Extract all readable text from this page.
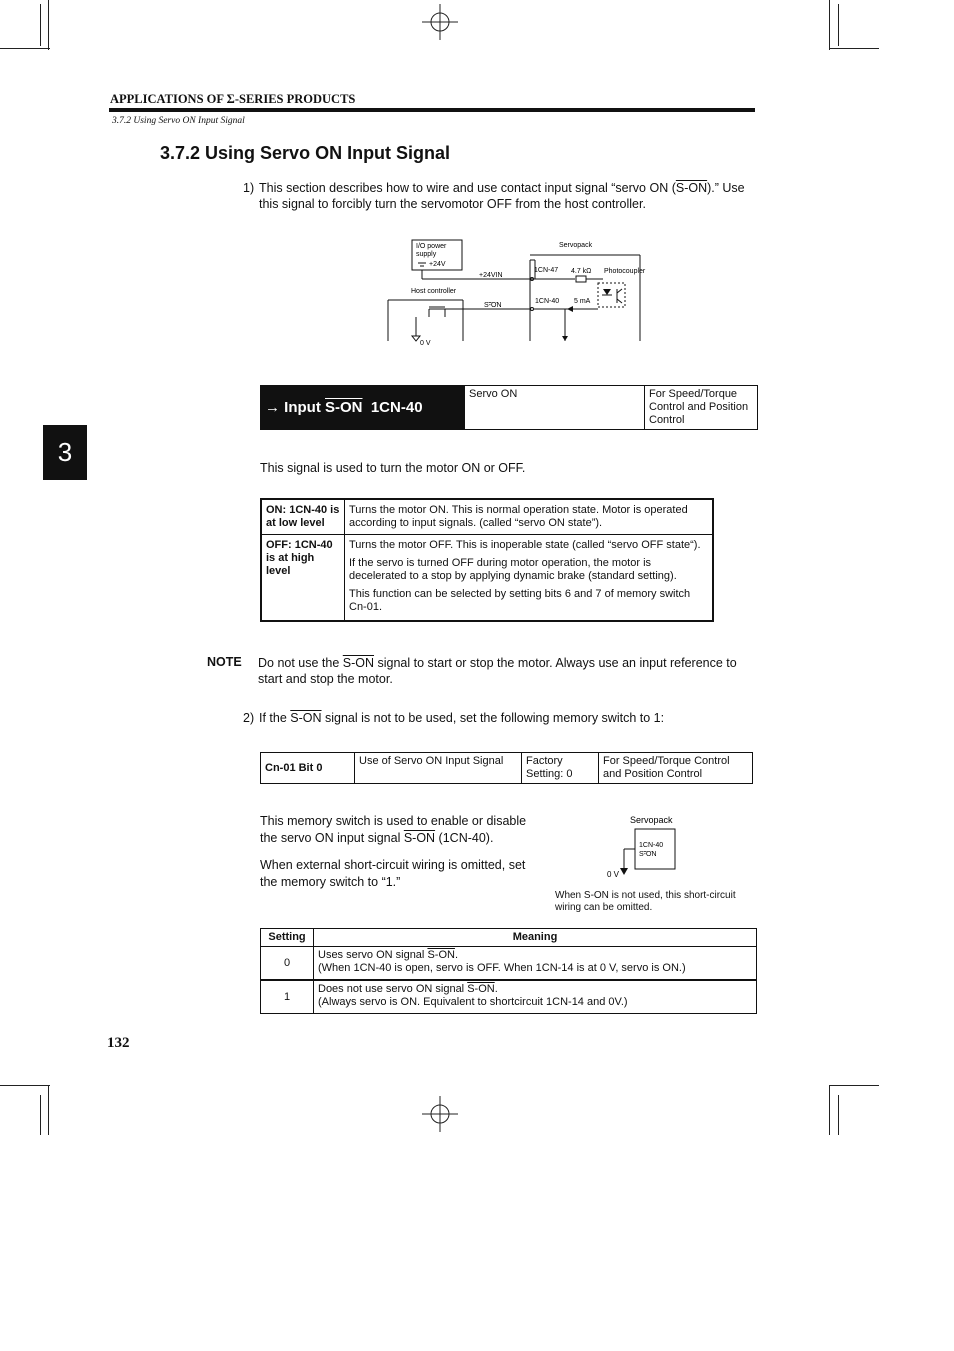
APPLICATIONS OF Σ-SERIES PRODUCTS
3.7.2 Using Servo ON Input Signal
3.7.2 Using Servo ON Input Signal
3
1) This section describes how to wire and use contact input signal “servo ON (S-ON).” Use
this signal to forcibly turn the servomotor OFF from the host controller.
I/O power
supply
+24V
Servopack
+24VIN
1CN-47 4.7 kΩ Photocoupler
Host controller
S-ON
1CN-40 5 mA
0 V
→
Input
S-ON
1CN-40
Servo ON	For Speed/Torque Control and Position Control
This signal is used to turn the motor ON or OFF.
ON: 1CN-40 is at low level	Turns the motor ON. This is normal operation state. Motor is operated according to input signals. (called “servo ON state”).
OFF: 1CN-40 is at high level	Turns the motor OFF. This is inoperable state (called “servo OFF state“).
If the servo is turned OFF during motor operation, the motor is decelerated to a stop by applying dynamic brake (standard setting).
This function can be selected by setting bits 6 and 7 of memory switch Cn-01.
NOTE Do not use the S-ON signal to start or stop the motor. Always use an input reference to
start and stop the motor.
2) If the S-ON signal is not to be used, set the following memory switch to 1:
Cn-01 Bit 0	Use of Servo ON Input Signal	Factory Setting: 0	For Speed/Torque Control and Position Control
This memory switch is used to enable or disable
the servo ON input signal S-ON (1CN-40).
When external short-circuit wiring is omitted, set
the memory switch to “1.”
Servopack
1CN-40
S-ON
0 V
When S-ON is not used, this short-circuit
wiring can be omitted.
Setting	Meaning
0	Uses servo ON signal S-ON.
(When 1CN-40 is open, servo is OFF. When 1CN-14 is at 0 V, servo is ON.)

1	Does not use servo ON signal S-ON.
(Always servo is ON. Equivalent to shortcircuit 1CN-14 and 0V.)
132
